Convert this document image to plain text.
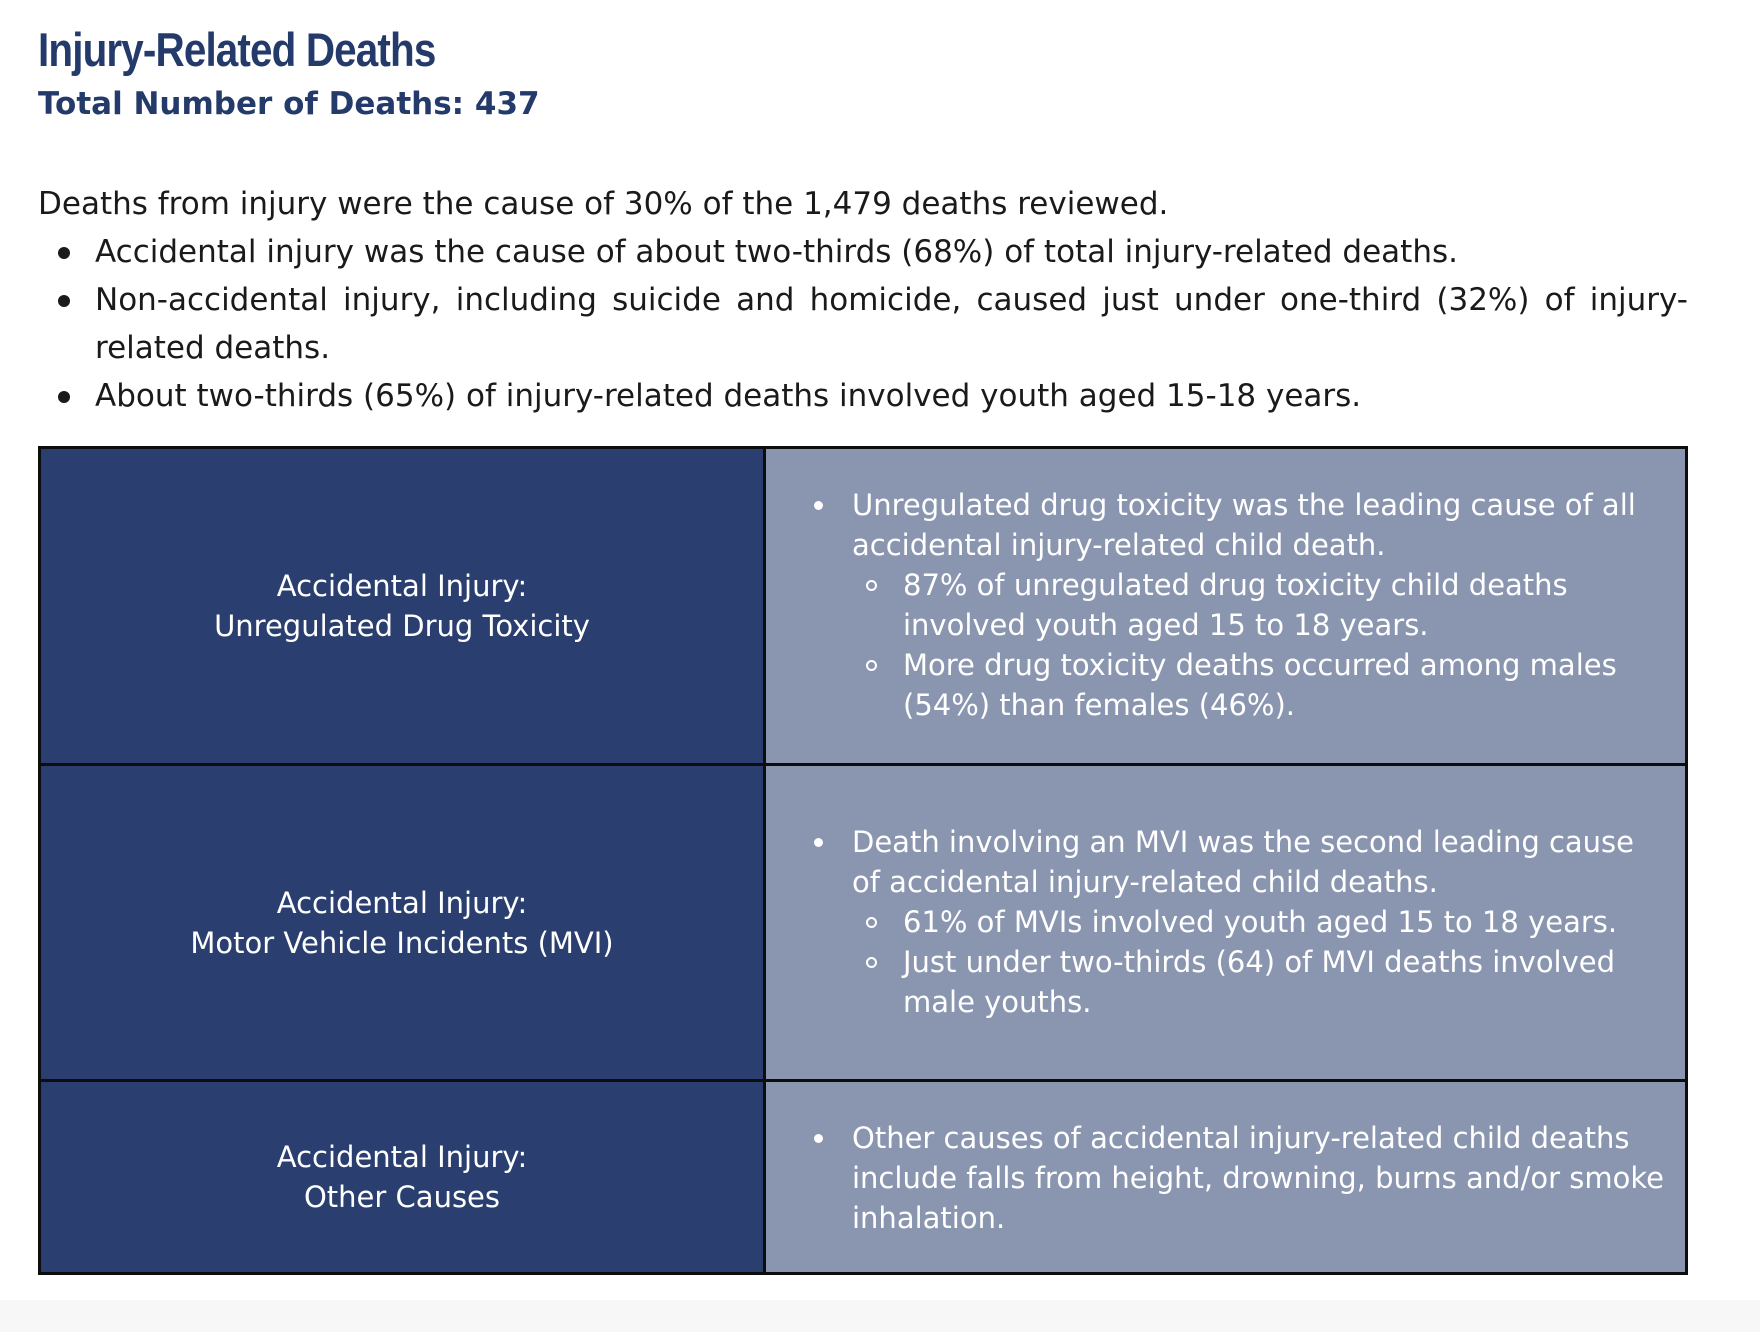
Injury-Related Deaths
Total Number of Deaths: 437

Deaths from injury were the cause of 30% of the 1,479 deaths reviewed.

Accidental injury was the cause of about two-thirds (68%) of total injury-related deaths.
Non-accidental injury, including suicide and homicide, caused just under one-third (32%) of injury-related deaths.
About two-thirds (65%) of injury-related deaths involved youth aged 15-18 years.
Accidental Injury:
Unregulated Drug Toxicity
Unregulated drug toxicity was the leading cause of all accidental injury-related child death.
87% of unregulated drug toxicity child deaths involved youth aged 15 to 18 years.
More drug toxicity deaths occurred among males (54%) than females (46%).
Accidental Injury:
Motor Vehicle Incidents (MVI)
Death involving an MVI was the second leading cause of accidental injury-related child deaths.
61% of MVIs involved youth aged 15 to 18 years.
Just under two-thirds (64) of MVI deaths involved male youths.
Accidental Injury:
Other Causes
Other causes of accidental injury-related child deaths include falls from height, drowning, burns and/or smoke inhalation.
